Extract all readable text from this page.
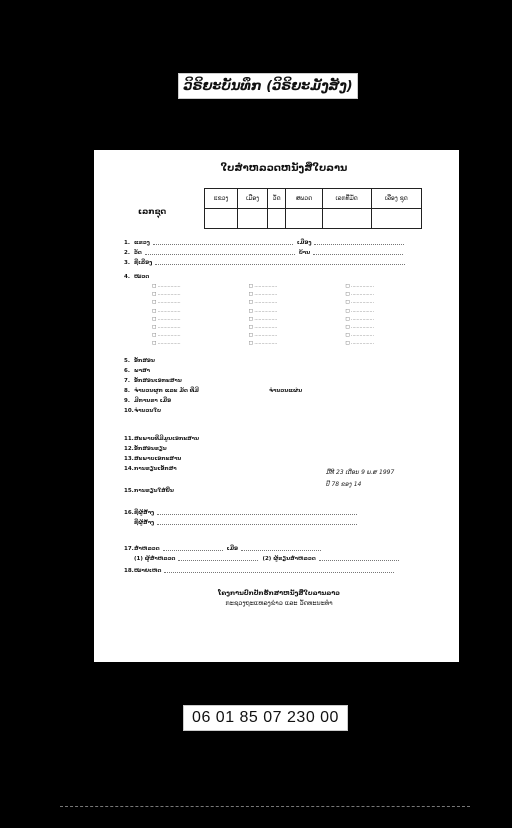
ວິຣິຍະບັນທຶກ (ວິຣິຍະມັງສັງ)
ໃບສຳຫລວດຫນັງສືໃບລານ
ເລກຊຸດ
ແຂວງ	ເມືອງ	ວັດ	ສພວດ	ເລກທີ່ມັດ	ເລືອງ ຊຸດ

1. ແຂວງ	ເມືອງ
2. ວັດ	ບ້ານ
3. ຊື່ເລື່ອງ
4. ໝວດ
□ ................	□ ................	□ ................
□ ................	□ ................	□ ................
□ ................	□ ................	□ ................
□ ................	□ ................	□ ................
□ ................	□ ................	□ ................
□ ................	□ ................	□ ................
□ ................	□ ................	□ ................
□ ................	□ ................	□ ................
5. ອັກສອນ
6. ພາສາ
7. ອັກສອນເອກະສານ
8. ຈຳນວນຜູກ ແລະ ມັດ ທີ່ມີ	ຈຳນວນແຜ່ນ
9. ມີການຂາ ເມື່ອ
10. ຈຳນວນໃບ
11. ສະພາບທີ່ມີມູນເອກະສານ
12. ອັກສອນຂຽນ
13. ສະພາບເອກະສານ
14. ການຂຽນເອັກສາ
15. ການຂຽນໃສ່ຍື່ນ
ມື້ທີ 23 ເດືອນ 9 ພ.ສ 1997
ປີ 78 ຂອງ 14
16. ຊື່ຜູ້ສ້າງ
ຊື່ຜູ້ສ້າງ
17. ສຳຫລວດ	ເມື່ອ
(1) ຜູ້ສຳຫລວດ	(2) ຜູ້ຂຽນສຳຫລວດ
18. ໝາຍເຫດ
ໂຄງການປົກປັກຮັກສາຫນັງສືໃບລານລາວ
ກະຊວງຖະແຫລງຂ່າວ ແລະ ວັດທະນະທຳ
06 01 85 07 230 00
